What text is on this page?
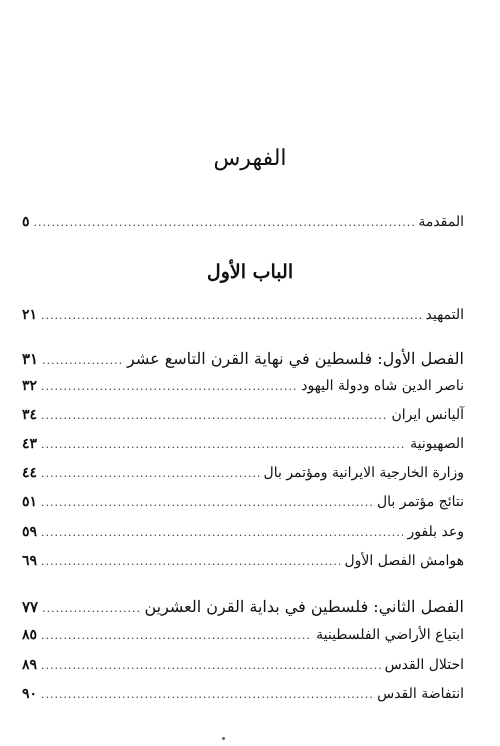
الفهرس
المقدمة
.....
٥
الباب الأول
التمهيد
.....
٢١
الفصل الأول: فلسطين في نهاية القرن التاسع عشر
.....
٣١
ناصر الدين شاه ودولة اليهود
.....
٣٢
آليانس ايران
.....
٣٤
الصهيونية
.....
٤٣
وزارة الخارجية الايرانية ومؤتمر بال
.....
٤٤
نتائج مؤتمر بال
.....
٥١
وعد بلفور
.....
٥٩
هوامش الفصل الأول
.....
٦٩
الفصل الثاني: فلسطين في بداية القرن العشرين
.....
٧٧
ابتياع الأراضي الفلسطينية
.....
٨٥
احتلال القدس
.....
٨٩
انتفاضة القدس
.....
٩٠
